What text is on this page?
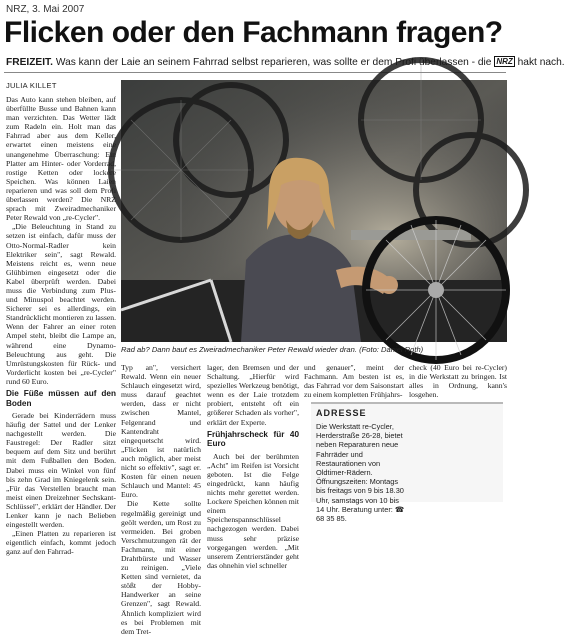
NRZ, 3. Mai 2007
Flicken oder den Fachmann fragen?
FREIZEIT. Was kann der Laie an seinem Fahrrad selbst reparieren, was sollte er dem Profi überlassen - die NRZ hakt nach.
JULIA KILLET

Das Auto kann stehen bleiben, auf überfüllte Busse und Bahnen kann man verzichten. Das Wetter lädt zum Radeln ein. Holt man das Fahrrad aber aus dem Keller, erwartet einen meistens eine unangenehme Überraschung: Ein Platter am Hinter- oder Vorderrad, rostige Ketten oder lockere Speichen. Was können Laien reparieren und was soll dem Profi überlassen werden? Die NRZ sprach mit Zweiradmechaniker Peter Rewald von „re-Cycler".

„Die Beleuchtung in Stand zu setzen ist einfach, dafür muss der Otto-Normal-Radler kein Elektriker sein", sagt Rewald. Meistens reicht es, wenn neue Glühbirnen eingesetzt oder die Kabel überprüft werden. Dabei muss die Verbindung zum Plus- und Minuspol beachtet werden. Sicherer sei es allerdings, ein Standrücklicht montieren zu lassen. Wenn der Fahrer an einer roten Ampel steht, bleibt die Lampe an, während eine Dynamo-Beleuchtung aus geht. Die Umrüstungskosten für Rück- und Vorderlicht kosten bei „re-Cycler" rund 60 Euro.

Die Füße müssen auf den Boden

Gerade bei Kinderrädern muss häufig der Sattel und der Lenker nachgestellt werden. Die Faustregel: Der Radler sitzt bequem auf dem Sitz und berührt mit dem Fußballen den Boden. Dabei muss ein Winkel von fünf bis zehn Grad im Kniegelenk sein. „Für das Verstellen braucht man meist einen Dreizehner Sechskant-Schlüssel", erklärt der Händler. Der Lenker kann je nach Belieben eingestellt werden.

„Einen Platten zu reparieren ist eigentlich einfach, kommt jedoch ganz auf den Fahrrad-

Rad ab? Dann baut es Zweiradmechaniker Peter Rewald wieder dran. (Foto: Daniel Roth)

Typ an", versichert Rewald. Wenn ein neuer Schlauch eingesetzt wird, muss darauf geachtet werden, dass er nicht zwischen Mantel, Felgenrand und Kantendraht eingequetscht wird. „Flicken ist natürlich auch möglich, aber meist nicht so effektiv", sagt er. Kosten für einen neuen Schlauch und Mantel: 45 Euro.

Die Kette sollte regelmäßig gereinigt und geölt werden, um Rost zu vermeiden. Bei groben Verschmutzungen rät der Fachmann, mit einer Drahtbürste und Wasser zu reinigen. „Viele Ketten sind vernietet, da stößt der Hobby-Handwerker an seine Grenzen", sagt Rewald. Ähnlich kompliziert wird es bei Problemen mit dem Tret-

lager, den Bremsen und der Schaltung. „Hierfür wird spezielles Werkzeug benötigt, wenn es der Laie trotzdem probiert, entsteht oft ein größerer Schaden als vorher", erklärt der Experte.

Frühjahrscheck für 40 Euro

Auch bei der berühmten „Acht" im Reifen ist Vorsicht geboten. Ist die Felge eingedrückt, kann häufig nichts mehr gerettet werden. Lockere Speichen können mit einem Speichenspannschlüssel nachgezogen werden. Dabei muss sehr präzise vorgegangen werden. „Mit unserem Zentrierständer geht das ohnehin viel schneller

und genauer", meint der Fachmann. Am besten ist es, das Fahrrad vor dem Saisonstart zu einem kompletten Frühjahrs-

check (40 Euro bei re-Cycler) in die Werkstatt zu bringen. Ist alles in Ordnung, kann's losgehen.

ADRESSE
Die Werkstatt re-Cycler, Herderstraße 26-28, bietet neben Reparaturen neue Fahrräder und Restaurationen von Oldtimer-Rädern. Öffnungszeiten: Montags bis freitags von 9 bis 18.30 Uhr, samstags von 10 bis 14 Uhr. Beratung unter: ☎ 68 35 85.
